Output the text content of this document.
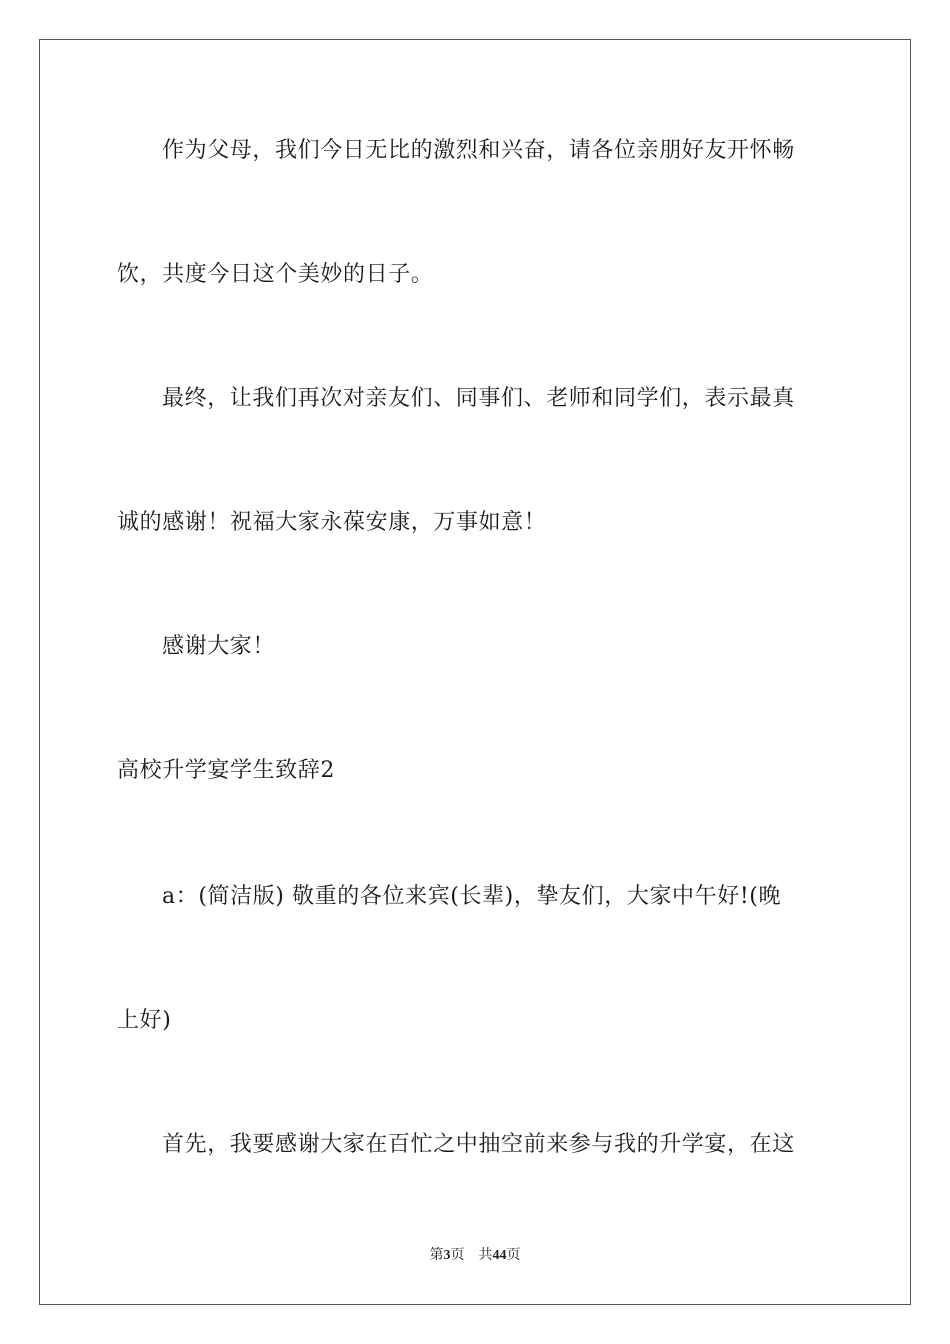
作为父母，我们今日无比的激烈和兴奋，请各位亲朋好友开怀畅
饮，共度今日这个美妙的日子。
最终，让我们再次对亲友们、同事们、老师和同学们，表示最真
诚的感谢！祝福大家永葆安康，万事如意！
感谢大家！
高校升学宴学生致辞2
a：(简洁版) 敬重的各位来宾(长辈)，挚友们，大家中午好!(晚
上好)
首先，我要感谢大家在百忙之中抽空前来参与我的升学宴，在这
第3页 共44页
